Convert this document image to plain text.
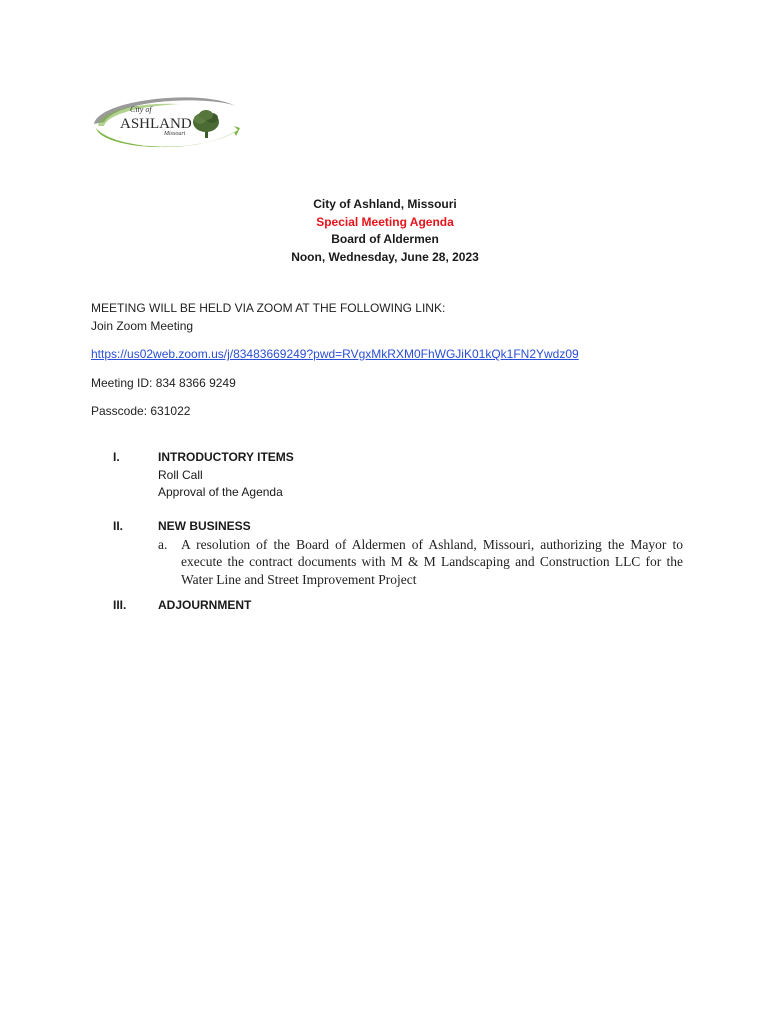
City of
ASHLAND
Missouri
Growing Forward
City of Ashland, Missouri
Special Meeting Agenda
Board of Aldermen
Noon, Wednesday, June 28, 2023
MEETING WILL BE HELD VIA ZOOM AT THE FOLLOWING LINK:
Join Zoom Meeting
https://us02web.zoom.us/j/83483669249?pwd=RVgxMkRXM0FhWGJiK01kQk1FN2Ywdz09
Meeting ID: 834 8366 9249
Passcode: 631022
I.	INTRODUCTORY ITEMS
Roll Call
Approval of the Agenda
II.	NEW BUSINESS
a. A resolution of the Board of Aldermen of Ashland, Missouri, authorizing the Mayor to execute the contract documents with M & M Landscaping and Construction LLC for the Water Line and Street Improvement Project
III.	ADJOURNMENT
